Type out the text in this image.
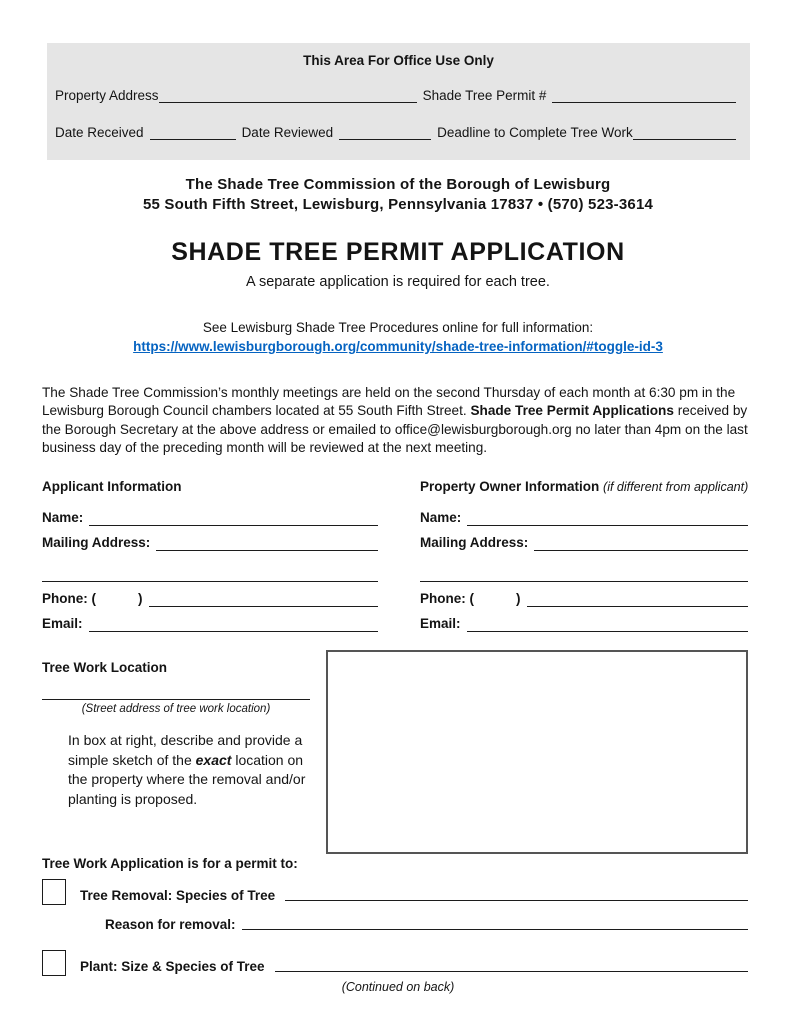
This Area For Office Use Only
Property Address	Shade Tree Permit #
Date Received	Date Reviewed	Deadline to Complete Tree Work
The Shade Tree Commission of the Borough of Lewisburg
55 South Fifth Street, Lewisburg, Pennsylvania 17837 • (570) 523-3614
SHADE TREE PERMIT APPLICATION
A separate application is required for each tree.
See Lewisburg Shade Tree Procedures online for full information:
https://www.lewisburgborough.org/community/shade-tree-information/#toggle-id-3
The Shade Tree Commission’s monthly meetings are held on the second Thursday of each month at 6:30 pm in the Lewisburg Borough Council chambers located at 55 South Fifth Street. Shade Tree Permit Applications received by the Borough Secretary at the above address or emailed to office@lewisburgborough.org no later than 4pm on the last business day of the preceding month will be reviewed at the next meeting.
Applicant Information
Name:
Mailing Address:
Phone: (	)
Email:
Property Owner Information (if different from applicant)
Name:
Mailing Address:
Phone: (	)
Email:
Tree Work Location
(Street address of tree work location)
In box at right, describe and provide a simple sketch of the exact location on the property where the removal and/or planting is proposed.
Tree Work Application is for a permit to:
Tree Removal: Species of Tree
Reason for removal:
Plant: Size & Species of Tree
(Continued on back)
